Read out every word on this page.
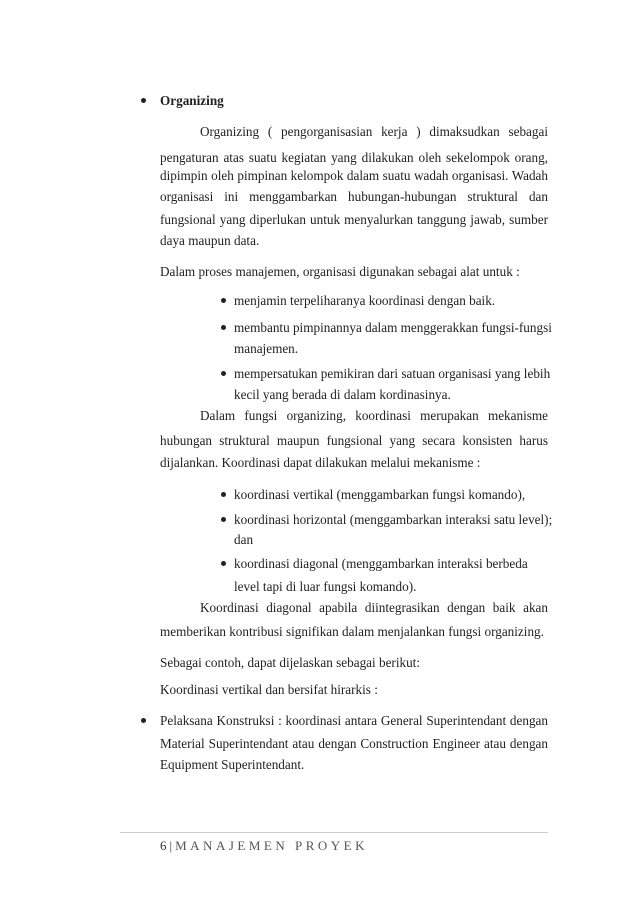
Organizing
Organizing ( pengorganisasian kerja ) dimaksudkan sebagai
pengaturan atas suatu kegiatan yang dilakukan oleh sekelompok orang,
dipimpin oleh pimpinan kelompok dalam suatu wadah organisasi. Wadah
organisasi ini menggambarkan hubungan-hubungan struktural dan
fungsional yang diperlukan untuk menyalurkan tanggung jawab, sumber
daya maupun data.
Dalam proses manajemen, organisasi digunakan sebagai alat untuk :
menjamin terpeliharanya koordinasi dengan baik.
membantu pimpinannya dalam menggerakkan fungsi-fungsi
manajemen.
mempersatukan pemikiran dari satuan organisasi yang lebih
kecil yang berada di dalam kordinasinya.
Dalam fungsi organizing, koordinasi merupakan mekanisme
hubungan struktural maupun fungsional yang secara konsisten harus
dijalankan. Koordinasi dapat dilakukan melalui mekanisme :
koordinasi vertikal (menggambarkan fungsi komando),
koordinasi horizontal (menggambarkan interaksi satu level);
dan
koordinasi diagonal (menggambarkan interaksi berbeda
level tapi di luar fungsi komando).
Koordinasi diagonal apabila diintegrasikan dengan baik akan
memberikan kontribusi signifikan dalam menjalankan fungsi organizing.
Sebagai contoh, dapat dijelaskan sebagai berikut:
Koordinasi vertikal dan bersifat hirarkis :
Pelaksana Konstruksi : koordinasi antara General Superintendant dengan
Material Superintendant atau dengan Construction Engineer atau dengan
Equipment Superintendant.
6 | MANAJEMEN PROYEK
